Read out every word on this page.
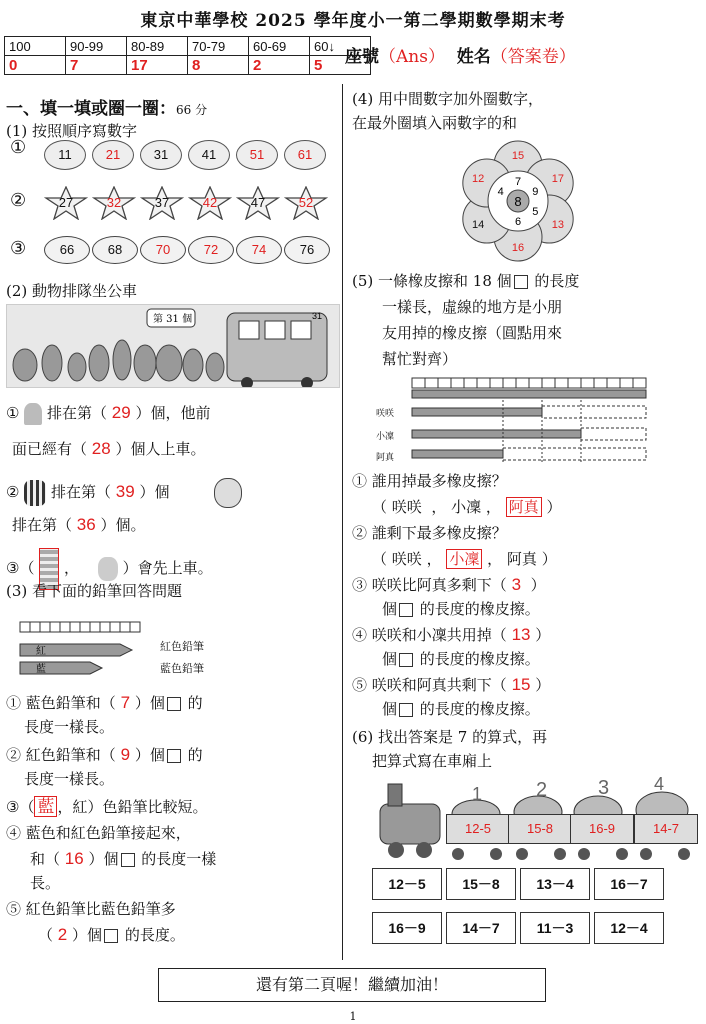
東京中華學校 2025 學年度小一第二學期數學期末考
100	90-99	80-89	70-79	60-69	60↓
0	7	17	8	2	5 座號（Ans） 姓名（答案卷）
一、填一填或圈一圈：66 分
(1) 按照順序寫數字
①	11	21	31	41	51	61
②	27	32	37	42	47	52
③	66	68	70	72	74	76
(2) 動物排隊坐公車
31
第 31 個
①  排在第（ 29 ）個，他前
面已經有（ 28 ）個人上車。
②  排在第（ 39 ）個
排在第（ 36 ）個。
③（ ，	）會先上車。
(3) 看下面的鉛筆回答問題
紅
藍
紅色鉛筆
藍色鉛筆
① 藍色鉛筆和（ 7 ）個 的
長度一樣長。
② 紅色鉛筆和（ 9 ）個 的
長度一樣長。
③（ 藍 ，紅）色鉛筆比較短。
④ 藍色和紅色鉛筆接起來，
和（ 16 ）個 的長度一樣
長。
⑤ 紅色鉛筆比藍色鉛筆多
（ 2 ）個 的長度。
(4) 用中間數字加外圈數字，
在最外圈填入兩數字的和
8
7
9
5
6
4
15
17
13
16
14
12
(5) 一條橡皮擦和 18 個 的長度
一樣長，虛線的地方是小朋
友用掉的橡皮擦（圓點用來
幫忙對齊）
咲咲
小凜
阿真
① 誰用掉最多橡皮擦？
（ 咲咲  ， 小凜 ， 阿真 ）
② 誰剩下最多橡皮擦？
（ 咲咲 ， 小凜 ， 阿真 ）
③ 咲咲比阿真多剩下（ 3 ）
個 的長度的橡皮擦。
④ 咲咲和小凜共用掉（ 13 ）
個 的長度的橡皮擦。
⑤ 咲咲和阿真共剩下（ 15 ）
個 的長度的橡皮擦。
(6) 找出答案是 7 的算式，再
把算式寫在車廂上
1	2	3 4
12-5	15-8	16-9	14-7
12－5	15－8	13－4	16－7
16－9	14－7	11－3	12－4
還有第二頁喔！繼續加油！
1
